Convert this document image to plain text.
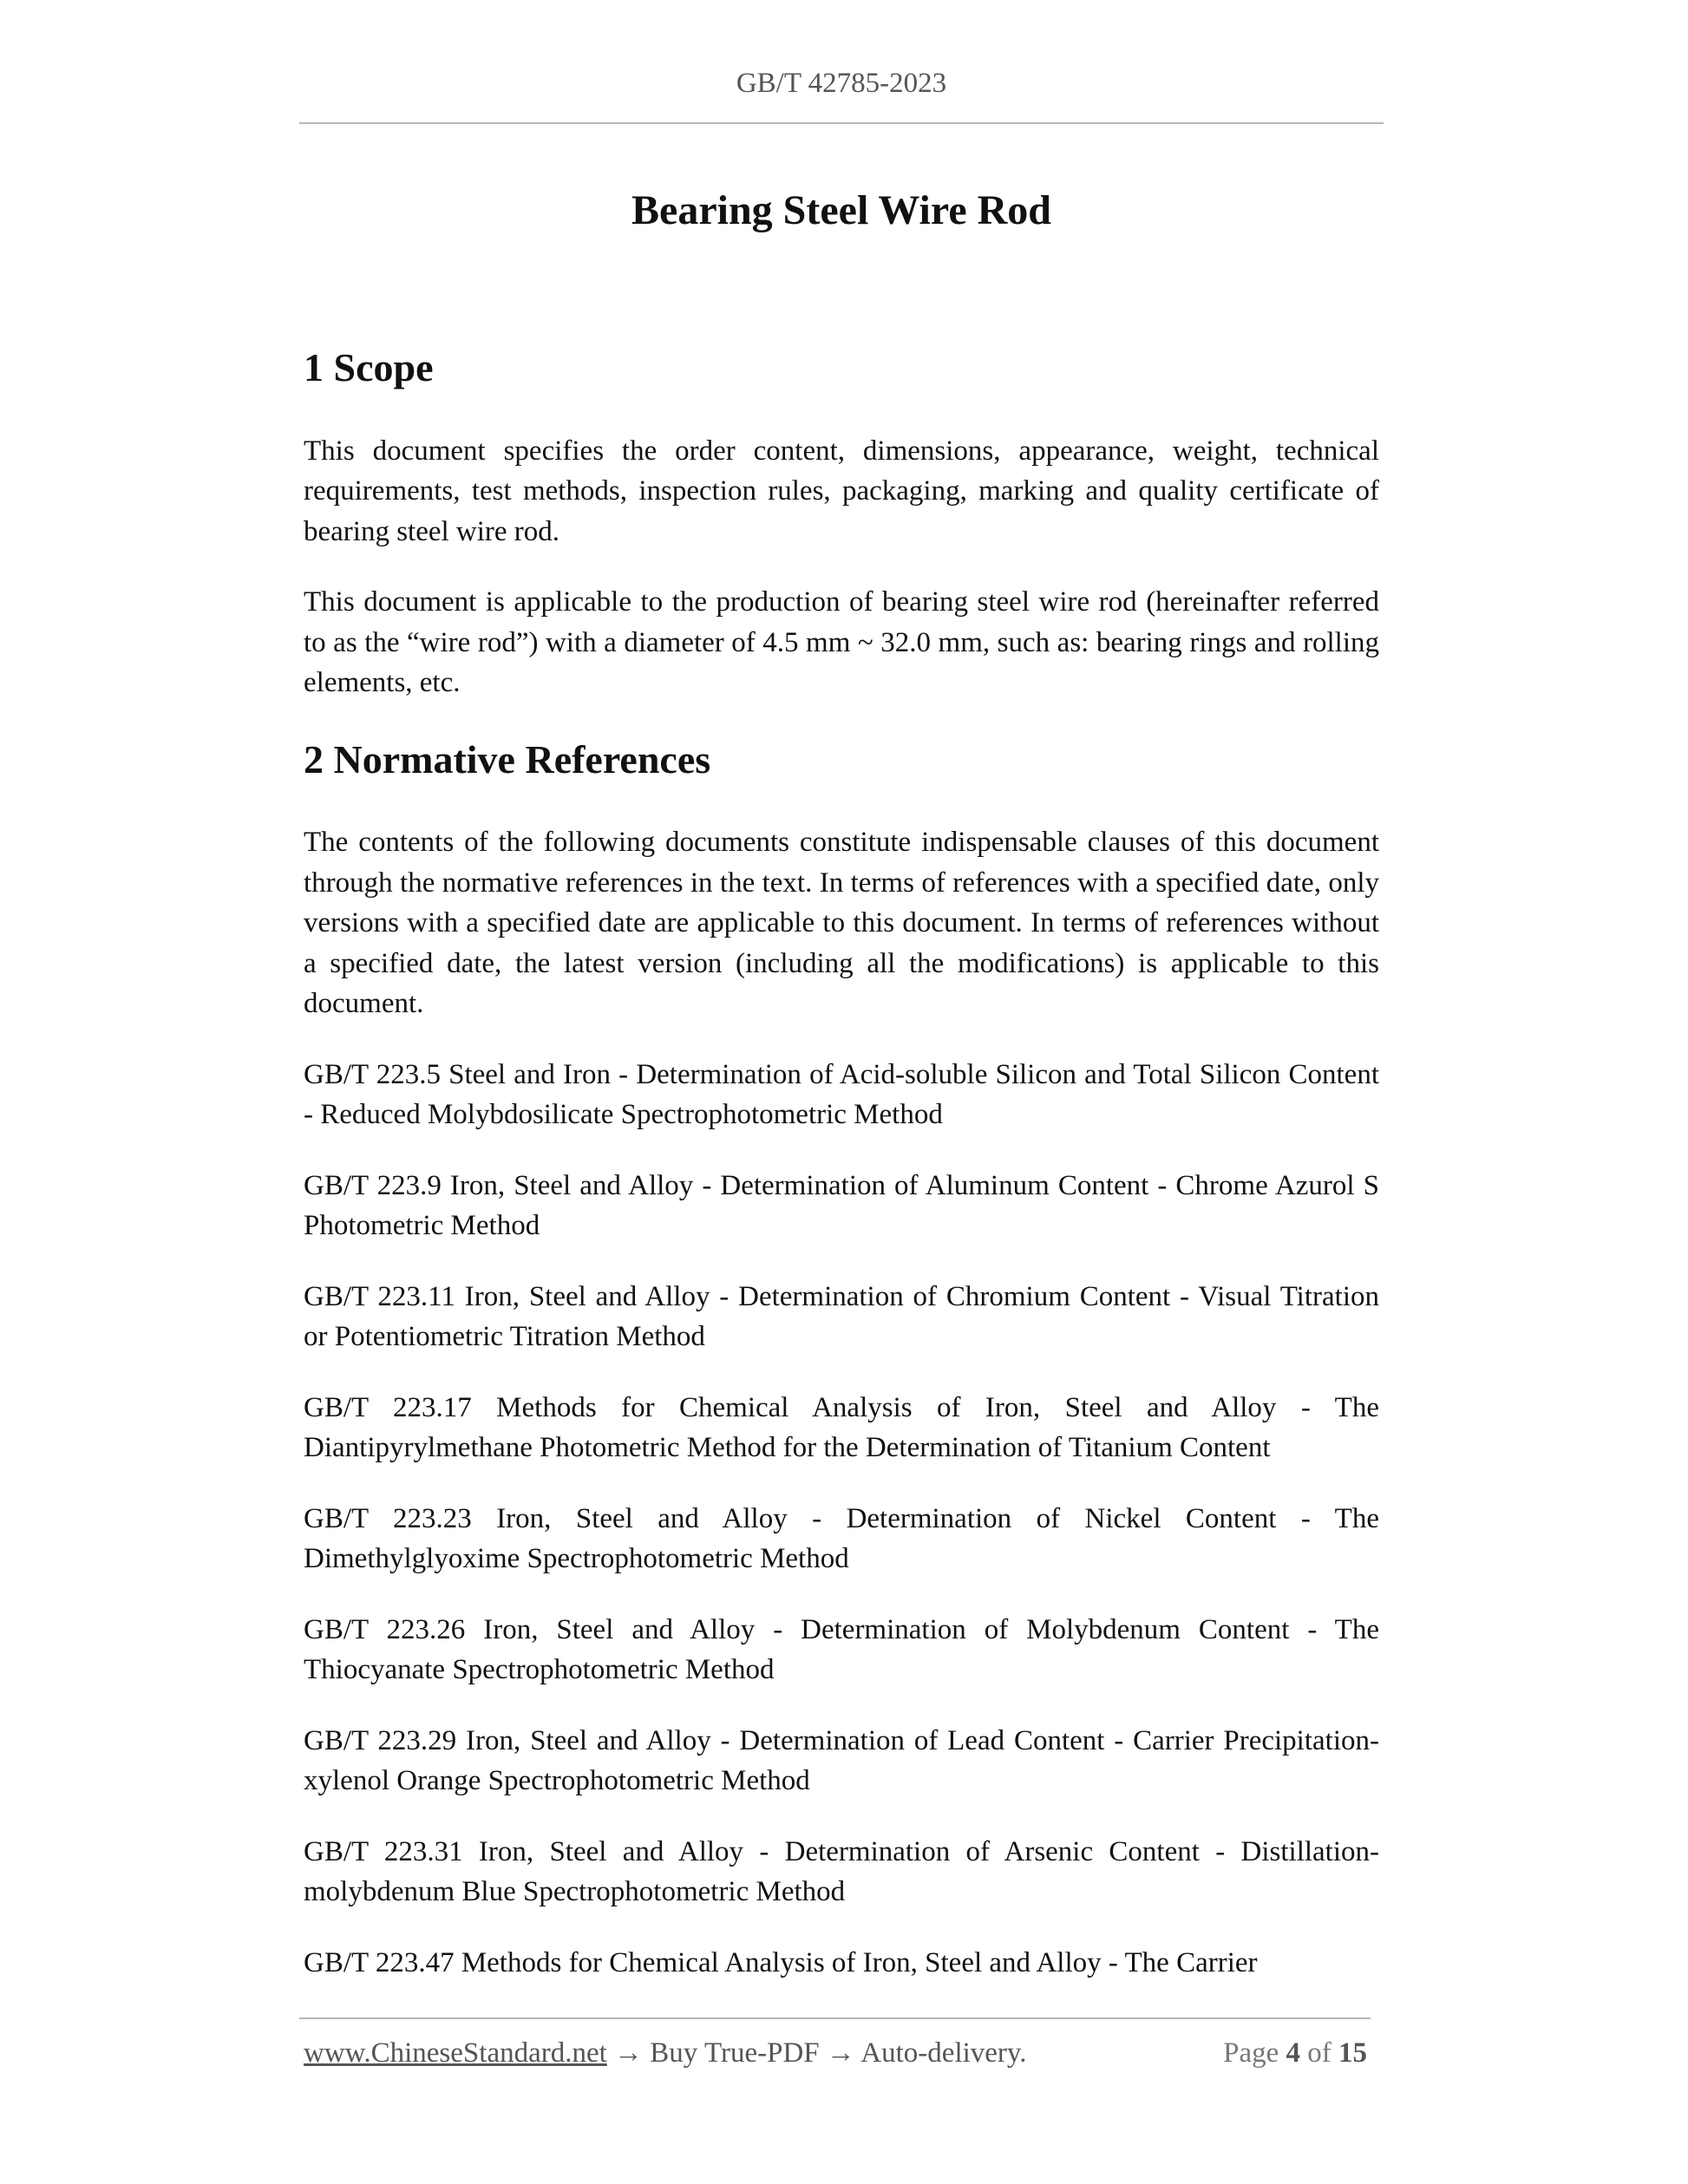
GB/T 42785-2023
Bearing Steel Wire Rod
1 Scope

This document specifies the order content, dimensions, appearance, weight, technical requirements, test methods, inspection rules, packaging, marking and quality certificate of bearing steel wire rod.

This document is applicable to the production of bearing steel wire rod (hereinafter referred to as the “wire rod”) with a diameter of 4.5 mm ~ 32.0 mm, such as: bearing rings and rolling elements, etc.

2 Normative References

The contents of the following documents constitute indispensable clauses of this document through the normative references in the text. In terms of references with a specified date, only versions with a specified date are applicable to this document. In terms of references without a specified date, the latest version (including all the modifications) is applicable to this document.

GB/T 223.5 Steel and Iron - Determination of Acid-soluble Silicon and Total Silicon Content - Reduced Molybdosilicate Spectrophotometric Method

GB/T 223.9 Iron, Steel and Alloy - Determination of Aluminum Content - Chrome Azurol S Photometric Method

GB/T 223.11 Iron, Steel and Alloy - Determination of Chromium Content - Visual Titration or Potentiometric Titration Method

GB/T 223.17 Methods for Chemical Analysis of Iron, Steel and Alloy - The Diantipyrylmethane Photometric Method for the Determination of Titanium Content

GB/T 223.23 Iron, Steel and Alloy - Determination of Nickel Content - The Dimethylglyoxime Spectrophotometric Method

GB/T 223.26 Iron, Steel and Alloy - Determination of Molybdenum Content - The Thiocyanate Spectrophotometric Method

GB/T 223.29 Iron, Steel and Alloy - Determination of Lead Content - Carrier Precipitation-xylenol Orange Spectrophotometric Method

GB/T 223.31 Iron, Steel and Alloy - Determination of Arsenic Content - Distillation-molybdenum Blue Spectrophotometric Method

GB/T 223.47 Methods for Chemical Analysis of Iron, Steel and Alloy - The Carrier

www.ChineseStandard.net → Buy True-PDF → Auto-delivery.	Page 4 of 15
